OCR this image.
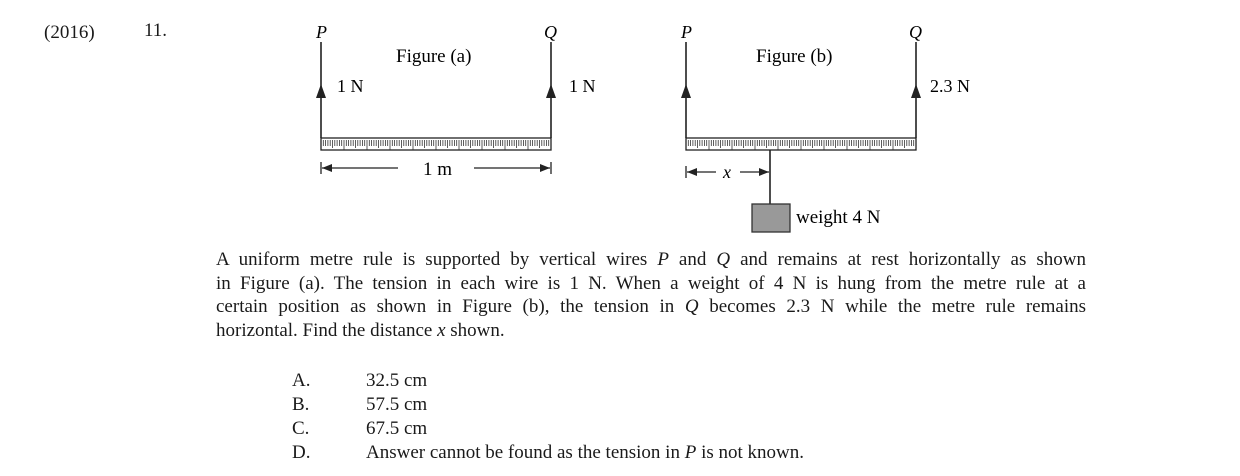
(2016)	11.	P	Q
Figure (a)
1 N	1 N
1 m
P	Q
Figure (b)
2.3 N
x
weight 4 N
A uniform metre rule is supported by vertical wires P and Q and remains at rest horizontally as shown
in Figure (a). The tension in each wire is 1 N. When a weight of 4 N is hung from the metre rule at a
certain position as shown in Figure (b), the tension in Q becomes 2.3 N while the metre rule remains
horizontal. Find the distance x shown.
A.	32.5 cm
B.	57.5 cm
C.	67.5 cm
D.	Answer cannot be found as the tension in P is not known.
